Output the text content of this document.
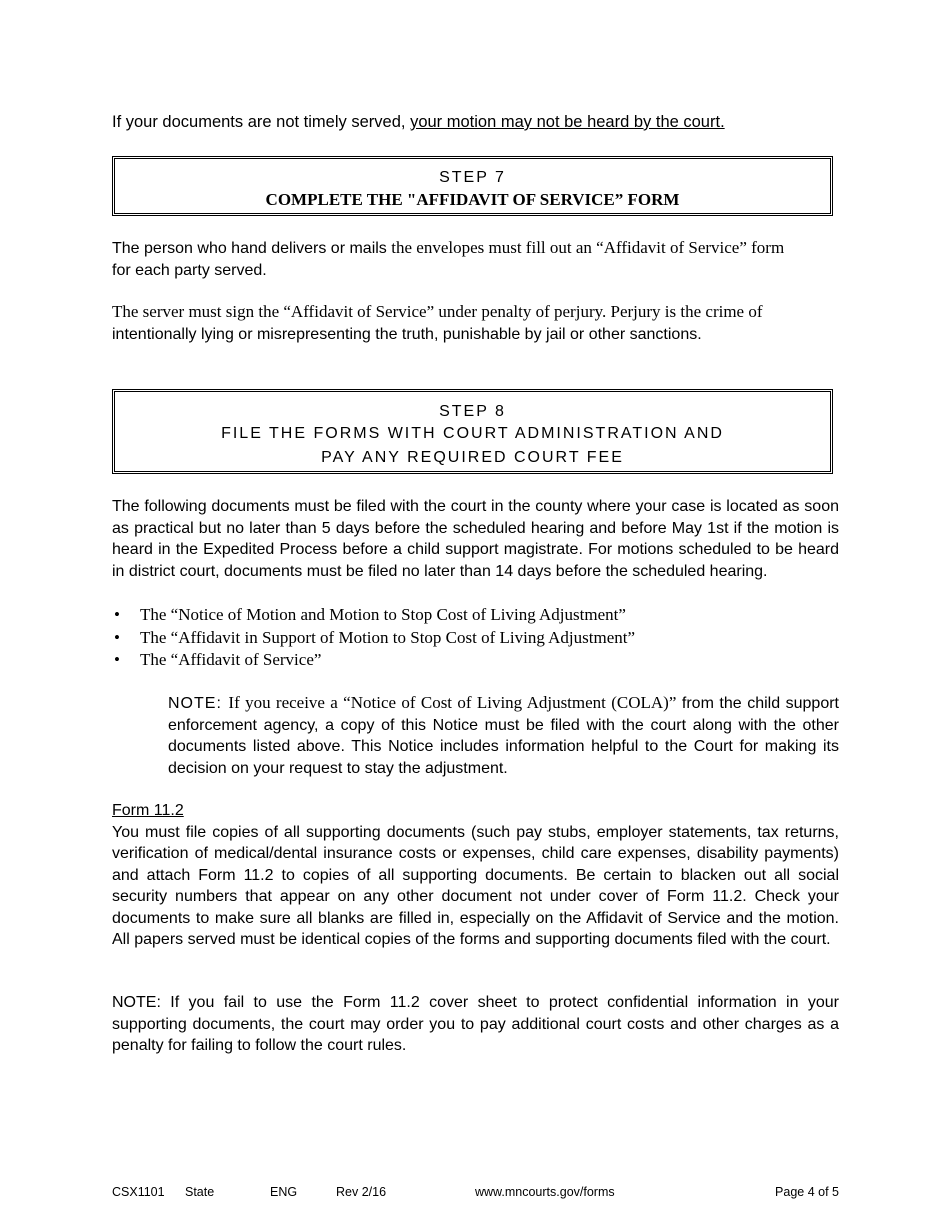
If your documents are not timely served, your motion may not be heard by the court.

STEP 7
COMPLETE THE "AFFIDAVIT OF SERVICE” FORM
The person who hand delivers or mails the envelopes must fill out an “Affidavit of Service” form
for each party served.
The server must sign the “Affidavit of Service” under penalty of perjury. Perjury is the crime of
intentionally lying or misrepresenting the truth, punishable by jail or other sanctions.
STEP 8
FILE THE FORMS WITH COURT ADMINISTRATION AND
PAY ANY REQUIRED COURT FEE

The following documents must be filed with the court in the county where your case is located as soon as practical but no later than 5 days before the scheduled hearing and before May 1st if the motion is heard in the Expedited Process before a child support magistrate. For motions scheduled to be heard in district court, documents must be filed no later than 14 days before the scheduled hearing.

• The “Notice of Motion and Motion to Stop Cost of Living Adjustment”
• The “Affidavit in Support of Motion to Stop Cost of Living Adjustment”
• The “Affidavit of Service”
NOTE: If you receive a “Notice of Cost of Living Adjustment (COLA)” from the child support enforcement agency, a copy of this Notice must be filed with the court along with the other documents listed above. This Notice includes information helpful to the Court for making its decision on your request to stay the adjustment.
Form 11.2
You must file copies of all supporting documents (such pay stubs, employer statements, tax returns, verification of medical/dental insurance costs or expenses, child care expenses, disability payments) and attach Form 11.2 to copies of all supporting documents. Be certain to blacken out all social security numbers that appear on any other document not under cover of Form 11.2. Check your documents to make sure all blanks are filled in, especially on the Affidavit of Service and the motion. All papers served must be identical copies of the forms and supporting documents filed with the court.

NOTE: If you fail to use the Form 11.2 cover sheet to protect confidential information in your supporting documents, the court may order you to pay additional court costs and other charges as a penalty for failing to follow the court rules.

CSX1101 State	ENG	Rev 2/16	www.mncourts.gov/forms	Page 4 of 5
